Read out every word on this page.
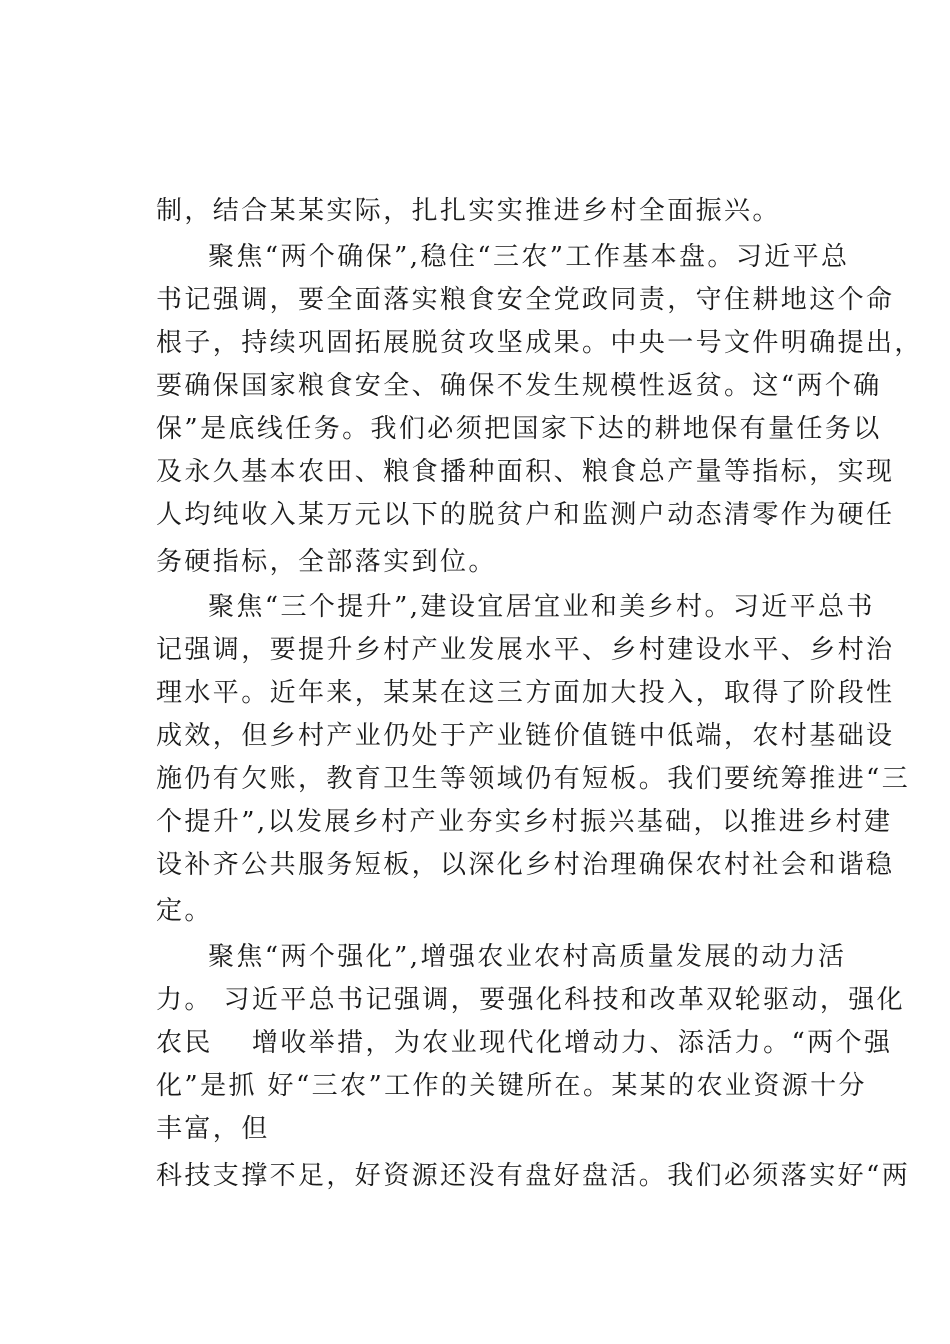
制，结合某某实际，扎扎实实推进乡村全面振兴。
聚焦“两个确保”,稳住“三农”工作基本盘。习近平总
书记强调，要全面落实粮食安全党政同责，守住耕地这个命
根子，持续巩固拓展脱贫攻坚成果。中央一号文件明确提出，
要确保国家粮食安全、确保不发生规模性返贫。这“两个确
保”是底线任务。我们必须把国家下达的耕地保有量任务以
及永久基本农田、粮食播种面积、粮食总产量等指标，实现
人均纯收入某万元以下的脱贫户和监测户动态清零作为硬任
务硬指标，全部落实到位。
聚焦“三个提升”,建设宜居宜业和美乡村。习近平总书
记强调，要提升乡村产业发展水平、乡村建设水平、乡村治
理水平。近年来，某某在这三方面加大投入，取得了阶段性
成效，但乡村产业仍处于产业链价值链中低端，农村基础设
施仍有欠账，教育卫生等领域仍有短板。我们要统筹推进“三
个提升”,以发展乡村产业夯实乡村振兴基础，以推进乡村建
设补齐公共服务短板，以深化乡村治理确保农村社会和谐稳
定。
聚焦“两个强化”,增强农业农村高质量发展的动力活
力。 习近平总书记强调，要强化科技和改革双轮驱动，强化
农民　 增收举措，为农业现代化增动力、添活力。“两个强
化”是抓 好“三农”工作的关键所在。某某的农业资源十分
丰富，但
科技支撑不足，好资源还没有盘好盘活。我们必须落实好“两
